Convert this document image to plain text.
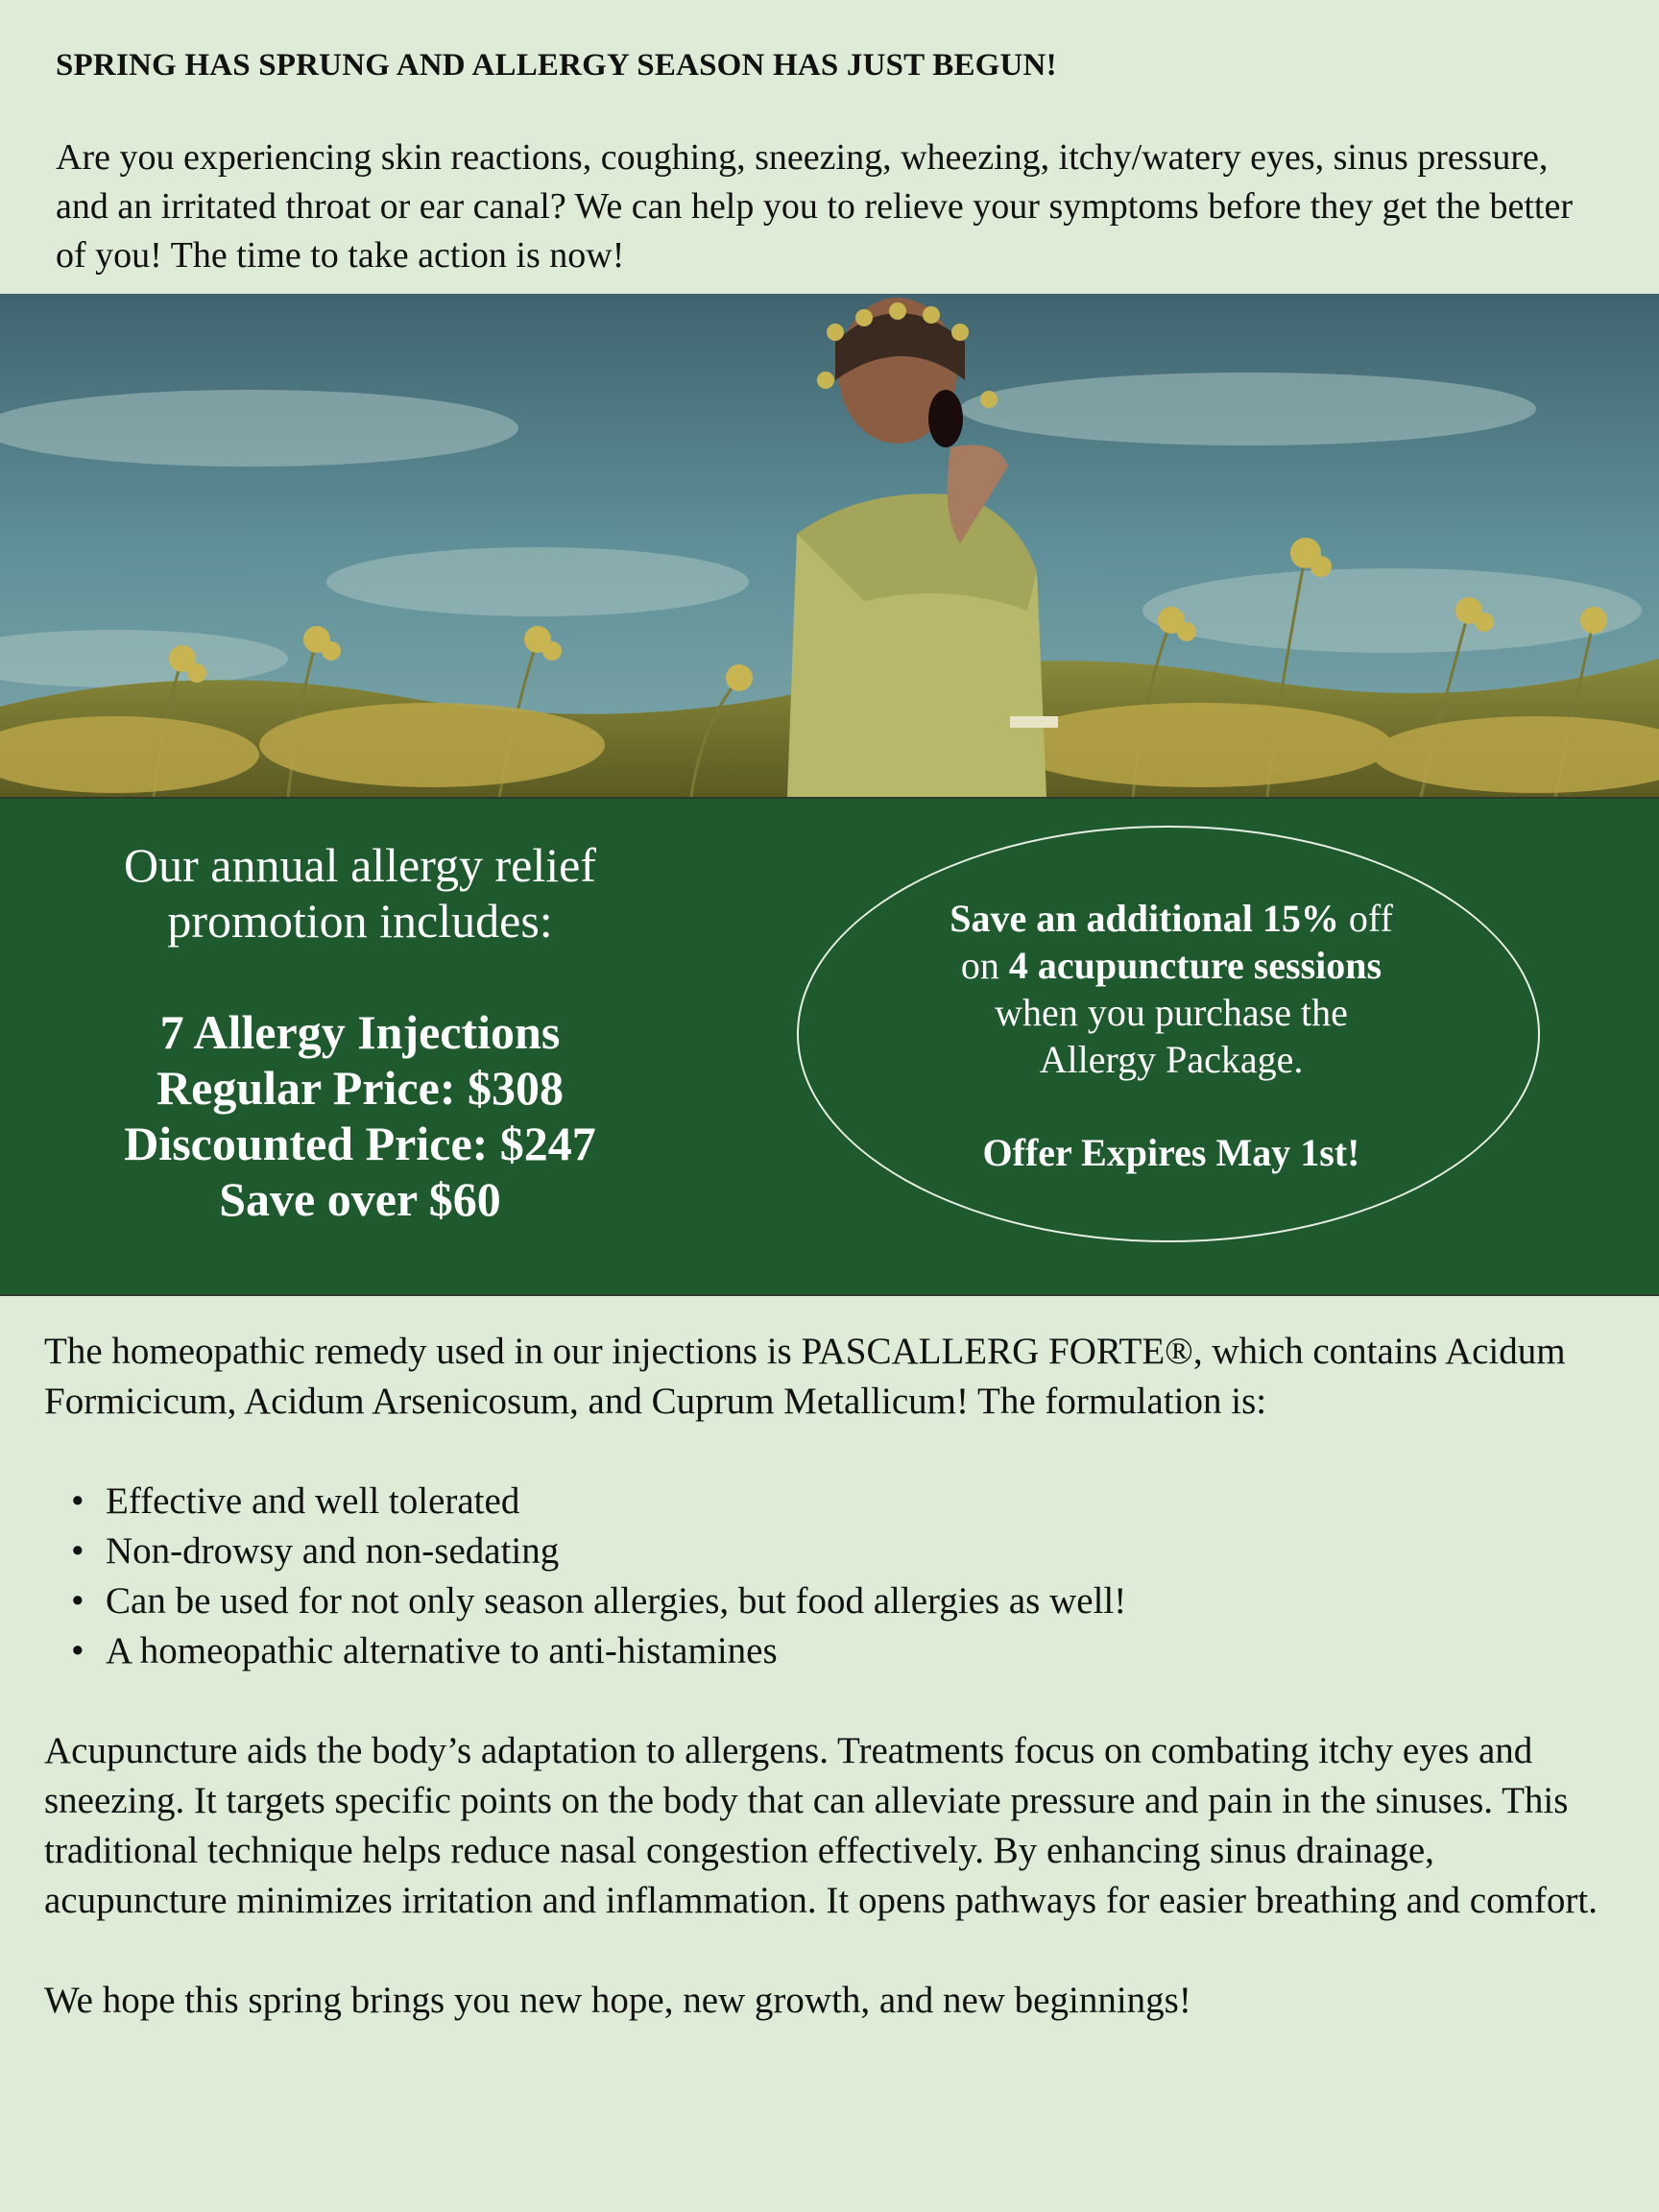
SPRING HAS SPRUNG AND ALLERGY SEASON HAS JUST BEGUN!

Are you experiencing skin reactions, coughing, sneezing, wheezing, itchy/watery eyes, sinus pressure, and an irritated throat or ear canal? We can help you to relieve your symptoms before they get the better of you! The time to take action is now!

Our annual allergy relief
promotion includes:

7 Allergy Injections
Regular Price: $308
Discounted Price: $247
Save over $60
Save an additional 15% off
on 4 acupuncture sessions
when you purchase the
Allergy Package.
Offer Expires May 1st!

The homeopathic remedy used in our injections is PASCALLERG FORTE®, which contains Acidum Formicicum, Acidum Arsenicosum, and Cuprum Metallicum! The formulation is:

• Effective and well tolerated
• Non-drowsy and non-sedating
• Can be used for not only season allergies, but food allergies as well!
• A homeopathic alternative to anti-histamines

Acupuncture aids the body’s adaptation to allergens. Treatments focus on combating itchy eyes and sneezing. It targets specific points on the body that can alleviate pressure and pain in the sinuses. This traditional technique helps reduce nasal congestion effectively. By enhancing sinus drainage, acupuncture minimizes irritation and inflammation. It opens pathways for easier breathing and comfort.

We hope this spring brings you new hope, new growth, and new beginnings!
